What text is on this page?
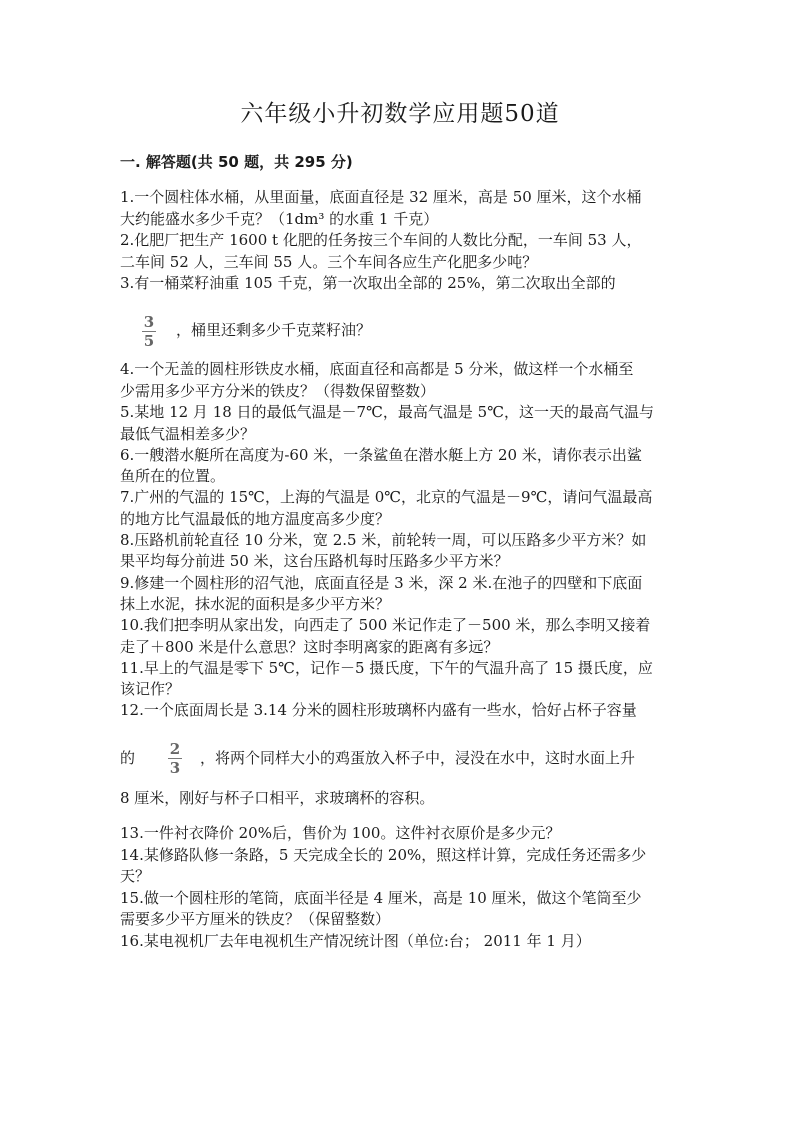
六年级小升初数学应用题50道
一. 解答题(共 50 题，共 295 分)
1.一个圆柱体水桶，从里面量，底面直径是 32 厘米，高是 50 厘米，这个水桶
大约能盛水多少千克？（1dm³ 的水重 1 千克）
2.化肥厂把生产 1600 t 化肥的任务按三个车间的人数比分配，一车间 53 人，
二车间 52 人，三车间 55 人。三个车间各应生产化肥多少吨？
3.有一桶菜籽油重 105 千克，第一次取出全部的 25%，第二次取出全部的
3
5
，桶里还剩多少千克菜籽油？
4.一个无盖的圆柱形铁皮水桶，底面直径和高都是 5 分米，做这样一个水桶至
少需用多少平方分米的铁皮？（得数保留整数）
5.某地 12 月 18 日的最低气温是－7℃，最高气温是 5℃，这一天的最高气温与
最低气温相差多少？
6.一艘潜水艇所在高度为-60 米，一条鲨鱼在潜水艇上方 20 米，请你表示出鲨
鱼所在的位置。
7.广州的气温的 15℃，上海的气温是 0℃，北京的气温是－9℃，请问气温最高
的地方比气温最低的地方温度高多少度？
8.压路机前轮直径 10 分米，宽 2.5 米，前轮转一周，可以压路多少平方米？如
果平均每分前进 50 米，这台压路机每时压路多少平方米？
9.修建一个圆柱形的沼气池，底面直径是 3 米，深 2 米.在池子的四壁和下底面
抹上水泥，抹水泥的面积是多少平方米？
10.我们把李明从家出发，向西走了 500 米记作走了－500 米，那么李明又接着
走了＋800 米是什么意思？这时李明离家的距离有多远？
11.早上的气温是零下 5℃，记作－5 摄氏度，下午的气温升高了 15 摄氏度，应
该记作？
12.一个底面周长是 3.14 分米的圆柱形玻璃杯内盛有一些水，恰好占杯子容量
的 2
3
，将两个同样大小的鸡蛋放入杯子中，浸没在水中，这时水面上升
8 厘米，刚好与杯子口相平，求玻璃杯的容积。
13.一件衬衣降价 20%后，售价为 100。这件衬衣原价是多少元？
14.某修路队修一条路，5 天完成全长的 20%，照这样计算，完成任务还需多少
天？
15.做一个圆柱形的笔筒，底面半径是 4 厘米，高是 10 厘米，做这个笔筒至少
需要多少平方厘米的铁皮？（保留整数）
16.某电视机厂去年电视机生产情况统计图（单位:台； 2011 年 1 月）
